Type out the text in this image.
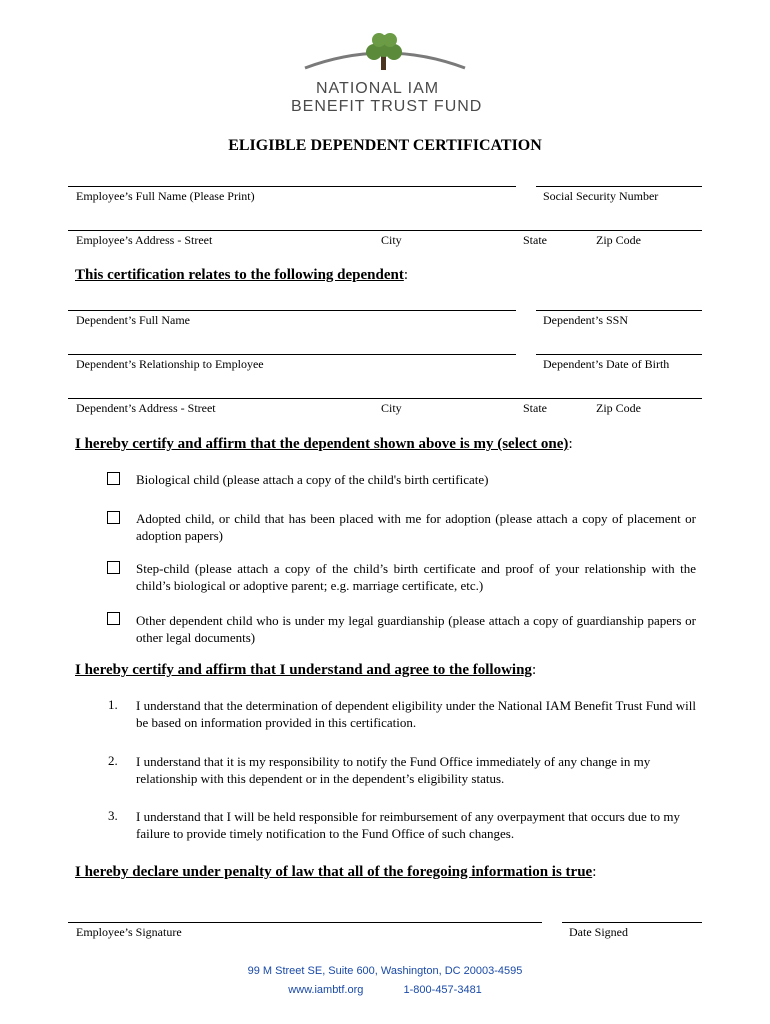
NATIONAL IAM
BENEFIT TRUST FUND
ELIGIBLE DEPENDENT CERTIFICATION
Employee’s Full Name (Please Print)	Social Security Number
Employee’s Address - Street	City	State	Zip Code
This certification relates to the following dependent:
Dependent’s Full Name	Dependent’s SSN
Dependent’s Relationship to Employee	Dependent’s Date of Birth
Dependent’s Address - Street	City	State	Zip Code
I hereby certify and affirm that the dependent shown above is my (select one):
Biological child (please attach a copy of the child's birth certificate)
Adopted child, or child that has been placed with me for adoption (please attach a copy of placement or adoption papers)
Step-child (please attach a copy of the child’s birth certificate and proof of your relationship with the child’s biological or adoptive parent; e.g. marriage certificate, etc.)
Other dependent child who is under my legal guardianship (please attach a copy of guardianship papers or other legal documents)
I hereby certify and affirm that I understand and agree to the following:
1. I understand that the determination of dependent eligibility under the National IAM Benefit Trust Fund will be based on information provided in this certification.
2. I understand that it is my responsibility to notify the Fund Office immediately of any change in my relationship with this dependent or in the dependent’s eligibility status.
3. I understand that I will be held responsible for reimbursement of any overpayment that occurs due to my failure to provide timely notification to the Fund Office of such changes.
I hereby declare under penalty of law that all of the foregoing information is true:
Employee’s Signature	Date Signed
99 M Street SE, Suite 600, Washington, DC 20003-4595
www.iambtf.org	1-800-457-3481
